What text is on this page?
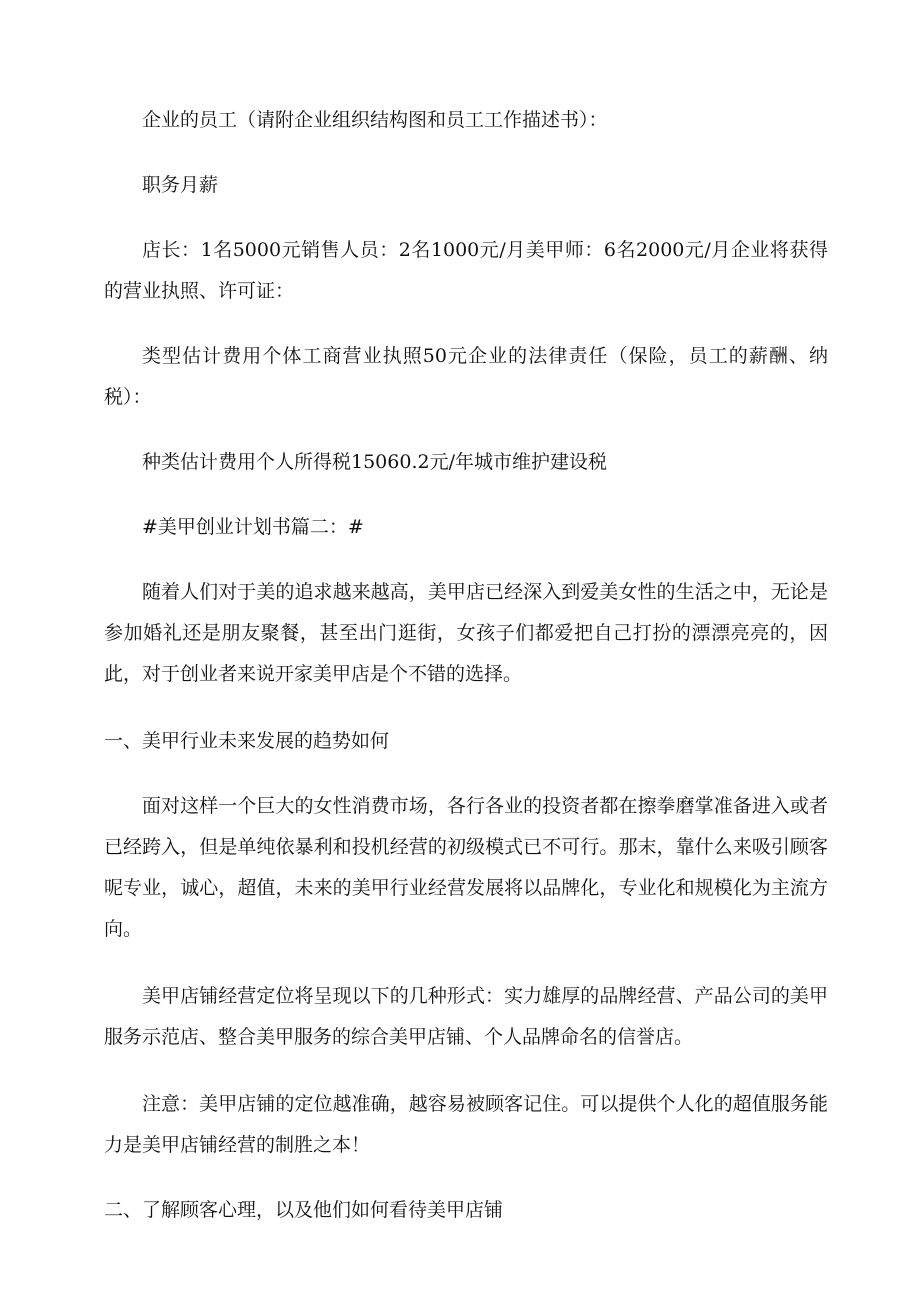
企业的员工（请附企业组织结构图和员工工作描述书）：

职务月薪

店长：1名5000元销售人员：2名1000元/月美甲师：6名2000元/月企业将获得的营业执照、许可证：

类型估计费用个体工商营业执照50元企业的法律责任（保险，员工的薪酬、纳税）：

种类估计费用个人所得税15060.2元/年城市维护建设税

#美甲创业计划书篇二：#

随着人们对于美的追求越来越高，美甲店已经深入到爱美女性的生活之中，无论是参加婚礼还是朋友聚餐，甚至出门逛街，女孩子们都爱把自己打扮的漂漂亮亮的，因此，对于创业者来说开家美甲店是个不错的选择。

一、美甲行业未来发展的趋势如何

面对这样一个巨大的女性消费市场，各行各业的投资者都在擦拳磨掌准备进入或者已经跨入，但是单纯依暴利和投机经营的初级模式已不可行。那末，靠什么来吸引顾客呢专业，诚心，超值，未来的美甲行业经营发展将以品牌化，专业化和规模化为主流方向。

美甲店铺经营定位将呈现以下的几种形式：实力雄厚的品牌经营、产品公司的美甲服务示范店、整合美甲服务的综合美甲店铺、个人品牌命名的信誉店。

注意：美甲店铺的定位越准确，越容易被顾客记住。可以提供个人化的超值服务能力是美甲店铺经营的制胜之本！

二、了解顾客心理，以及他们如何看待美甲店铺
